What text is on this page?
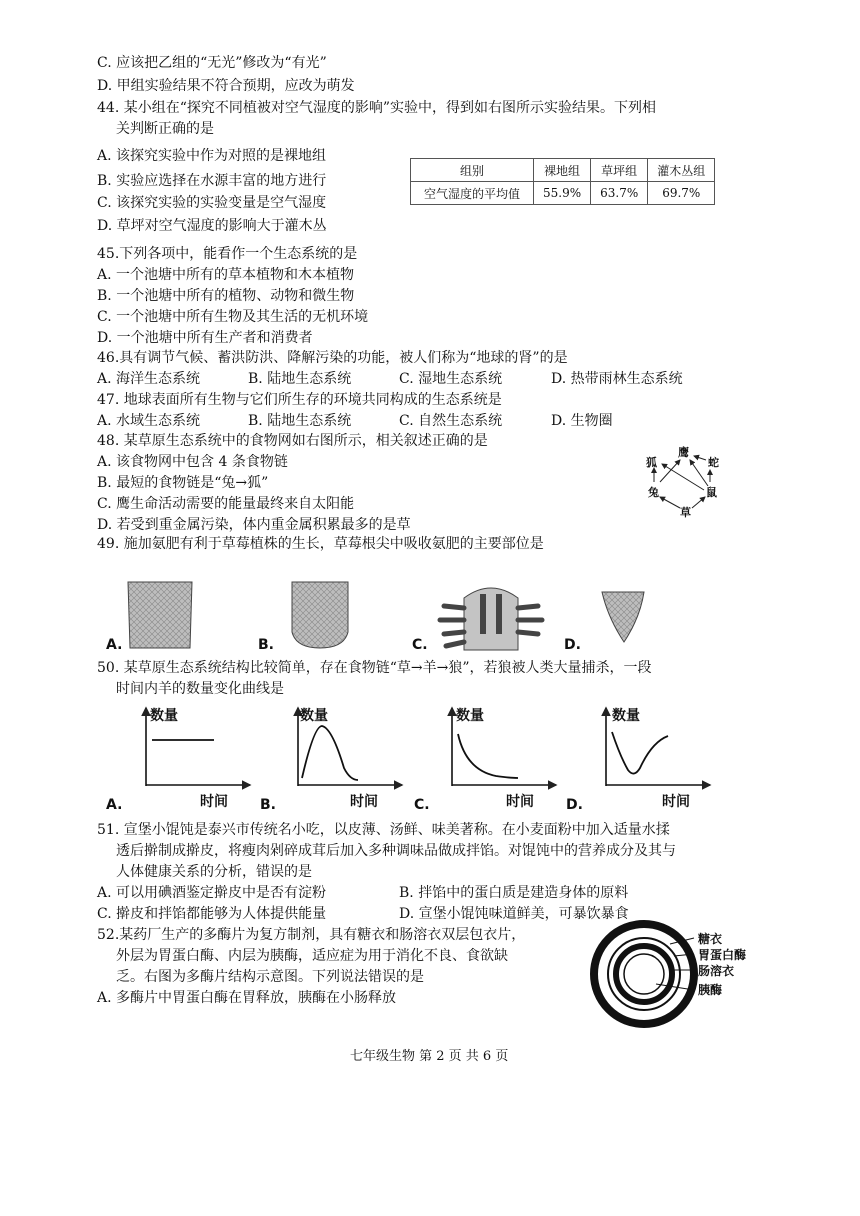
C. 应该把乙组的“无光”修改为“有光”
D. 甲组实验结果不符合预期，应改为萌发
44. 某小组在“探究不同植被对空气湿度的影响”实验中，得到如右图所示实验结果。下列相
关判断正确的是
A. 该探究实验中作为对照的是裸地组
B. 实验应选择在水源丰富的地方进行
C. 该探究实验的实验变量是空气湿度
D. 草坪对空气湿度的影响大于灌木丛
组别	裸地组	草坪组	灌木丛组
空气湿度的平均值	55.9%	63.7%	69.7%
45.下列各项中，能看作一个生态系统的是
A. 一个池塘中所有的草本植物和木本植物
B. 一个池塘中所有的植物、动物和微生物
C. 一个池塘中所有生物及其生活的无机环境
D. 一个池塘中所有生产者和消费者
46.具有调节气候、蓄洪防洪、降解污染的功能，被人们称为“地球的肾”的是
A. 海洋生态系统	B. 陆地生态系统	C. 湿地生态系统	D. 热带雨林生态系统
47. 地球表面所有生物与它们所生存的环境共同构成的生态系统是
A. 水域生态系统	B. 陆地生态系统	C. 自然生态系统	D. 生物圈
48. 某草原生态系统中的食物网如右图所示，相关叙述正确的是
A. 该食物网中包含 4 条食物链
B. 最短的食物链是“兔→狐”
C. 鹰生命活动需要的能量最终来自太阳能
D. 若受到重金属污染，体内重金属积累最多的是草
鹰
狐	蛇
兔	鼠
草
49. 施加氨肥有利于草莓植株的生长，草莓根尖中吸收氨肥的主要部位是
A.	B.	C.	D.
50. 某草原生态系统结构比较简单，存在食物链“草→羊→狼”，若狼被人类大量捕杀，一段
时间内羊的数量变化曲线是
数量
时间
A.
数量
时间
B.
数量
时间
C.
数量
时间
D.
51. 宣堡小馄饨是泰兴市传统名小吃，以皮薄、汤鲜、味美著称。在小麦面粉中加入适量水揉
透后擀制成擀皮，将瘦肉剁碎成茸后加入多种调味品做成拌馅。对馄饨中的营养成分及其与
人体健康关系的分析，错误的是
A. 可以用碘酒鉴定擀皮中是否有淀粉	B. 拌馅中的蛋白质是建造身体的原料
C. 擀皮和拌馅都能够为人体提供能量	D. 宣堡小馄饨味道鲜美，可暴饮暴食
52.某药厂生产的多酶片为复方制剂，具有糖衣和肠溶衣双层包衣片，
外层为胃蛋白酶、内层为胰酶，适应症为用于消化不良、食欲缺
乏。右图为多酶片结构示意图。下列说法错误的是
A. 多酶片中胃蛋白酶在胃释放，胰酶在小肠释放
糖衣
胃蛋白酶
肠溶衣
胰酶
七年级生物 第 2 页 共 6 页
